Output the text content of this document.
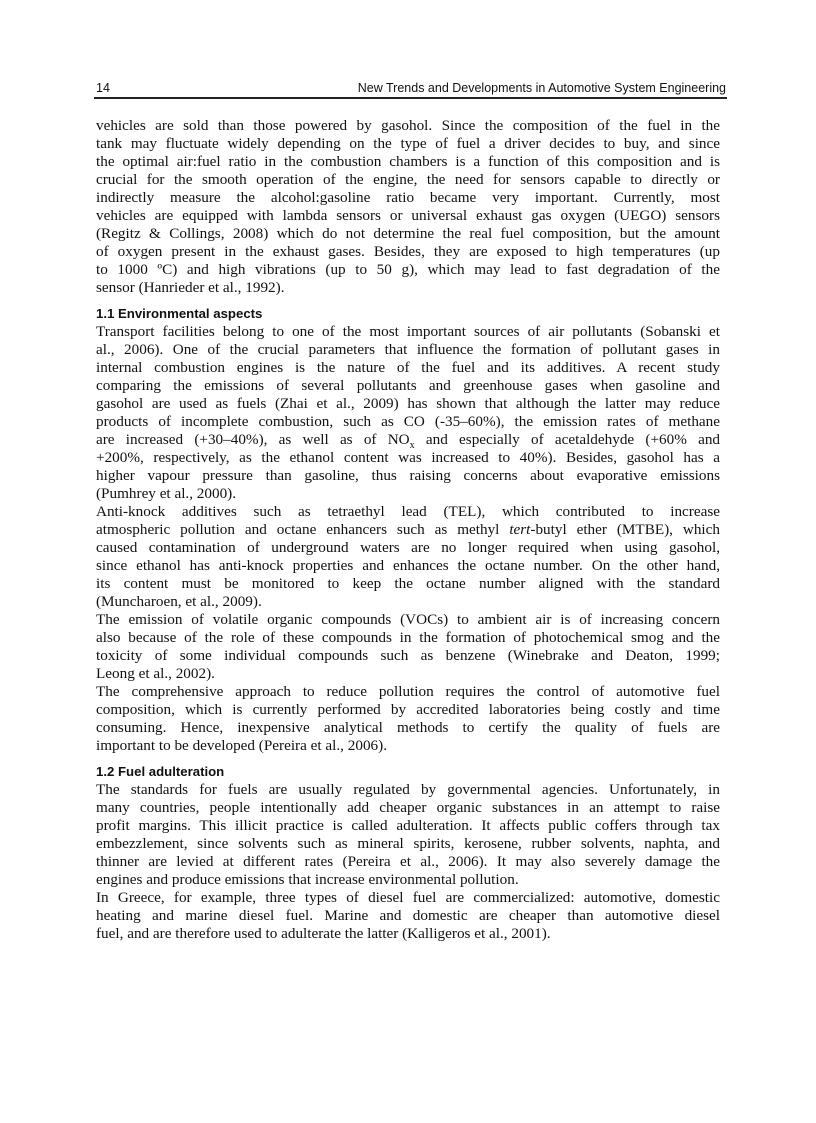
14	New Trends and Developments in Automotive System Engineering
vehicles are sold than those powered by gasohol. Since the composition of the fuel in the
tank may fluctuate widely depending on the type of fuel a driver decides to buy, and since
the optimal air:fuel ratio in the combustion chambers is a function of this composition and is
crucial for the smooth operation of the engine, the need for sensors capable to directly or
indirectly measure the alcohol:gasoline ratio became very important. Currently, most
vehicles are equipped with lambda sensors or universal exhaust gas oxygen (UEGO) sensors
(Regitz & Collings, 2008) which do not determine the real fuel composition, but the amount
of oxygen present in the exhaust gases. Besides, they are exposed to high temperatures (up
to 1000 ºC) and high vibrations (up to 50 g), which may lead to fast degradation of the
sensor (Hanrieder et al., 1992).
1.1 Environmental aspects
Transport facilities belong to one of the most important sources of air pollutants (Sobanski et
al., 2006). One of the crucial parameters that influence the formation of pollutant gases in
internal combustion engines is the nature of the fuel and its additives. A recent study
comparing the emissions of several pollutants and greenhouse gases when gasoline and
gasohol are used as fuels (Zhai et al., 2009) has shown that although the latter may reduce
products of incomplete combustion, such as CO (-35–60%), the emission rates of methane
are increased (+30–40%), as well as of $NO_x$ and especially of acetaldehyde (+60% and
+200%, respectively, as the ethanol content was increased to 40%). Besides, gasohol has a
higher vapour pressure than gasoline, thus raising concerns about evaporative emissions
(Pumhrey et al., 2000).
Anti-knock additives such as tetraethyl lead (TEL), which contributed to increase
atmospheric pollution and octane enhancers such as methyl tert-butyl ether (MTBE), which
caused contamination of underground waters are no longer required when using gasohol,
since ethanol has anti-knock properties and enhances the octane number. On the other hand,
its content must be monitored to keep the octane number aligned with the standard
(Muncharoen, et al., 2009).
The emission of volatile organic compounds (VOCs) to ambient air is of increasing concern
also because of the role of these compounds in the formation of photochemical smog and the
toxicity of some individual compounds such as benzene (Winebrake and Deaton, 1999;
Leong et al., 2002).
The comprehensive approach to reduce pollution requires the control of automotive fuel
composition, which is currently performed by accredited laboratories being costly and time
consuming. Hence, inexpensive analytical methods to certify the quality of fuels are
important to be developed (Pereira et al., 2006).
1.2 Fuel adulteration
The standards for fuels are usually regulated by governmental agencies. Unfortunately, in
many countries, people intentionally add cheaper organic substances in an attempt to raise
profit margins. This illicit practice is called adulteration. It affects public coffers through tax
embezzlement, since solvents such as mineral spirits, kerosene, rubber solvents, naphta, and
thinner are levied at different rates (Pereira et al., 2006). It may also severely damage the
engines and produce emissions that increase environmental pollution.
In Greece, for example, three types of diesel fuel are commercialized: automotive, domestic
heating and marine diesel fuel. Marine and domestic are cheaper than automotive diesel
fuel, and are therefore used to adulterate the latter (Kalligeros et al., 2001).
